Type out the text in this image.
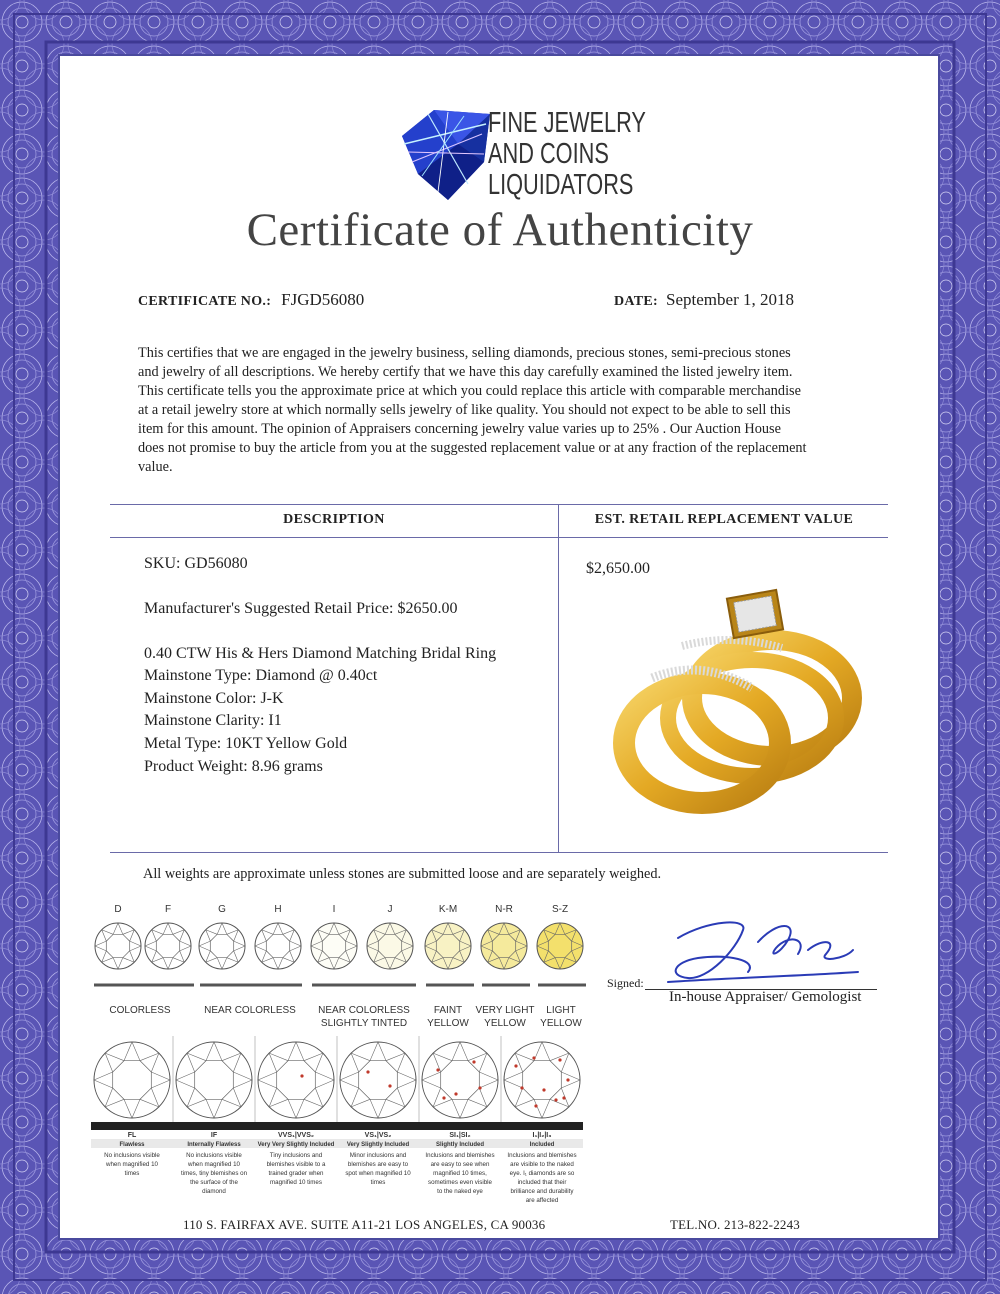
FINE JEWELRY
AND COINS
LIQUIDATORS
Certificate of Authenticity
CERTIFICATE NO.: FJGD56080	DATE: September 1, 2018
This certifies that we are engaged in the jewelry business, selling diamonds, precious stones, semi-precious stones
and jewelry of all descriptions. We hereby certify that we have this day carefully examined the listed jewelry item.
This certificate tells you the approximate price at which you could replace this article with comparable merchandise
at a retail jewelry store at which normally sells jewelry of like quality. You should not expect to be able to sell this
item for this amount. The opinion of Appraisers concerning jewelry value varies up to 25% . Our Auction House
does not promise to buy the article from you at the suggested replacement value or at any fraction of the replacement
value.
DESCRIPTION	EST. RETAIL REPLACEMENT VALUE
SKU: GD56080
Manufacturer's Suggested Retail Price: $2650.00
0.40 CTW His & Hers Diamond Matching Bridal Ring
Mainstone Type: Diamond @ 0.40ct
Mainstone Color: J-K
Mainstone Clarity: I1
Metal Type: 10KT Yellow Gold
Product Weight: 8.96 grams
$2,650.00
All weights are approximate unless stones are submitted loose and are separately weighed.
D	F	G	H	I	J	K-M	N-R	S-Z
COLORLESS	NEAR COLORLESS NEAR COLORLESS
SLIGHTLY TINTED
FAINT
YELLOW
VERY LIGHT
YELLOW
LIGHT
YELLOW
FL
Flawless
No inclusions visible
when magnified 10
times
IF
Internally Flawless
No inclusions visible
when magnified 10
times, tiny blemishes on
the surface of the
diamond
VVS₁|VVS₂
Very Very Slightly Included
Tiny inclusions and
blemishes visible to a
trained grader when
magnified 10 times
VS₁|VS₂
Very Slightly Included
Minor inclusions and
blemishes are easy to
spot when magnified 10
times
SI₁|SI₂
Slightly Included
Inclusions and blemishes
are easy to see when
magnified 10 times,
sometimes even visible
to the naked eye
I₁|I₂|I₃
Included
Inclusions and blemishes
are visible to the naked
eye. I₁ diamonds are so
included that their
brilliance and durability
are affected
Signed:
In-house Appraiser/ Gemologist
110 S. FAIRFAX AVE. SUITE A11-21 LOS ANGELES, CA 90036	TEL.NO. 213-822-2243
